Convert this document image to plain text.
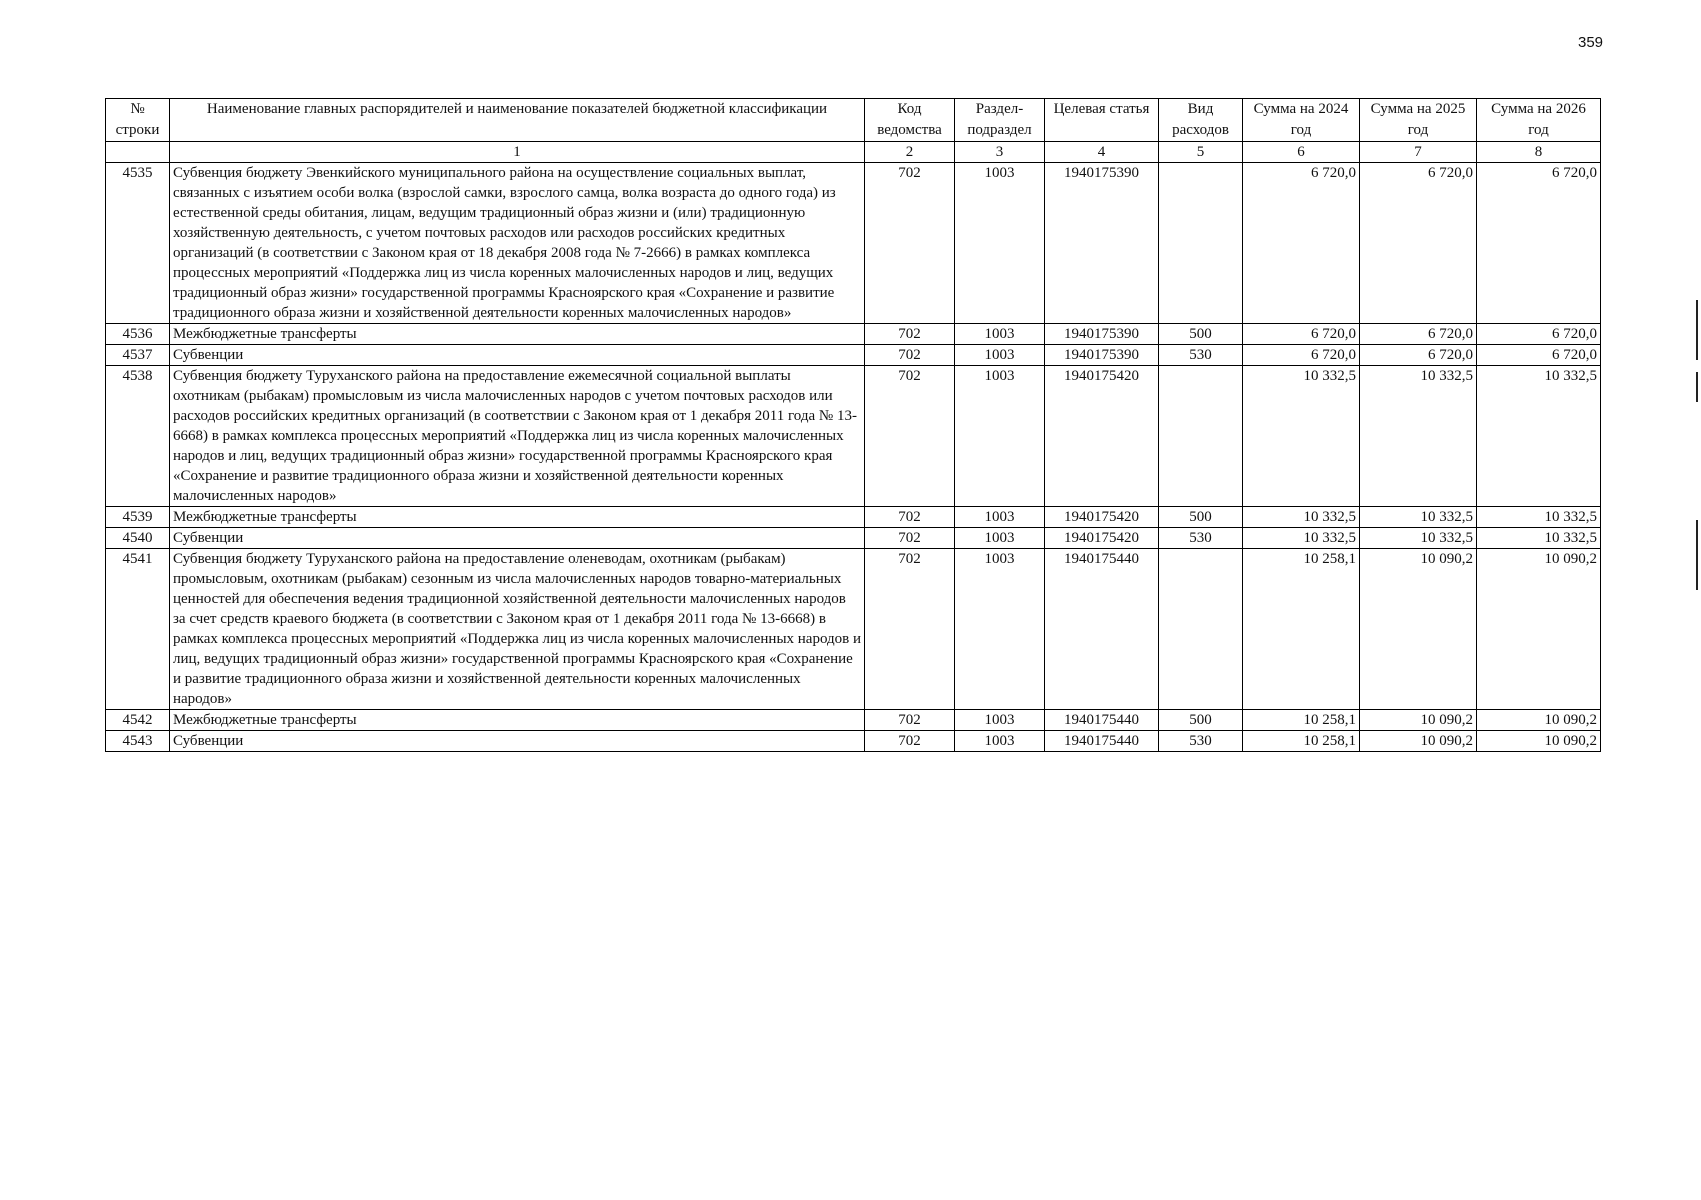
359
№ строки	Наименование главных распорядителей и наименование показателей бюджетной классификации	Код ведомства	Раздел-подраздел	Целевая статья	Вид расходов	Сумма на 2024 год	Сумма на 2025 год	Сумма на 2026 год
	1	2	3	4	5	6	7	8
4535	Субвенция бюджету Эвенкийского муниципального района на осуществление социальных выплат, связанных с изъятием особи волка (взрослой самки, взрослого самца, волка возраста до одного года) из естественной среды обитания, лицам, ведущим традиционный образ жизни и (или) традиционную хозяйственную деятельность, с учетом почтовых расходов или расходов российских кредитных организаций (в соответствии с Законом края от 18 декабря 2008 года № 7-2666) в рамках комплекса процессных мероприятий «Поддержка лиц из числа коренных малочисленных народов и лиц, ведущих традиционный образ жизни» государственной программы Красноярского края «Сохранение и развитие традиционного образа жизни и хозяйственной деятельности коренных малочисленных народов»	702	1003	1940175390		6 720,0	6 720,0	6 720,0
4536	Межбюджетные трансферты	702	1003	1940175390	500	6 720,0	6 720,0	6 720,0
4537	Субвенции	702	1003	1940175390	530	6 720,0	6 720,0	6 720,0
4538	Субвенция бюджету Туруханского района на предоставление ежемесячной социальной выплаты охотникам (рыбакам) промысловым из числа малочисленных народов с учетом почтовых расходов или расходов российских кредитных организаций (в соответствии с Законом края от 1 декабря 2011 года № 13-6668) в рамках комплекса процессных мероприятий «Поддержка лиц из числа коренных малочисленных народов и лиц, ведущих традиционный образ жизни» государственной программы Красноярского края «Сохранение и развитие традиционного образа жизни и хозяйственной деятельности коренных малочисленных народов»	702	1003	1940175420		10 332,5	10 332,5	10 332,5
4539	Межбюджетные трансферты	702	1003	1940175420	500	10 332,5	10 332,5	10 332,5
4540	Субвенции	702	1003	1940175420	530	10 332,5	10 332,5	10 332,5
4541	Субвенция бюджету Туруханского района на предоставление оленеводам, охотникам (рыбакам) промысловым, охотникам (рыбакам) сезонным из числа малочисленных народов товарно-материальных ценностей для обеспечения ведения традиционной хозяйственной деятельности малочисленных народов за счет средств краевого бюджета (в соответствии с Законом края от 1 декабря 2011 года № 13-6668) в рамках комплекса процессных мероприятий «Поддержка лиц из числа коренных малочисленных народов и лиц, ведущих традиционный образ жизни» государственной программы Красноярского края «Сохранение и развитие традиционного образа жизни и хозяйственной деятельности коренных малочисленных народов»	702	1003	1940175440		10 258,1	10 090,2	10 090,2
4542	Межбюджетные трансферты	702	1003	1940175440	500	10 258,1	10 090,2	10 090,2
4543	Субвенции	702	1003	1940175440	530	10 258,1	10 090,2	10 090,2
